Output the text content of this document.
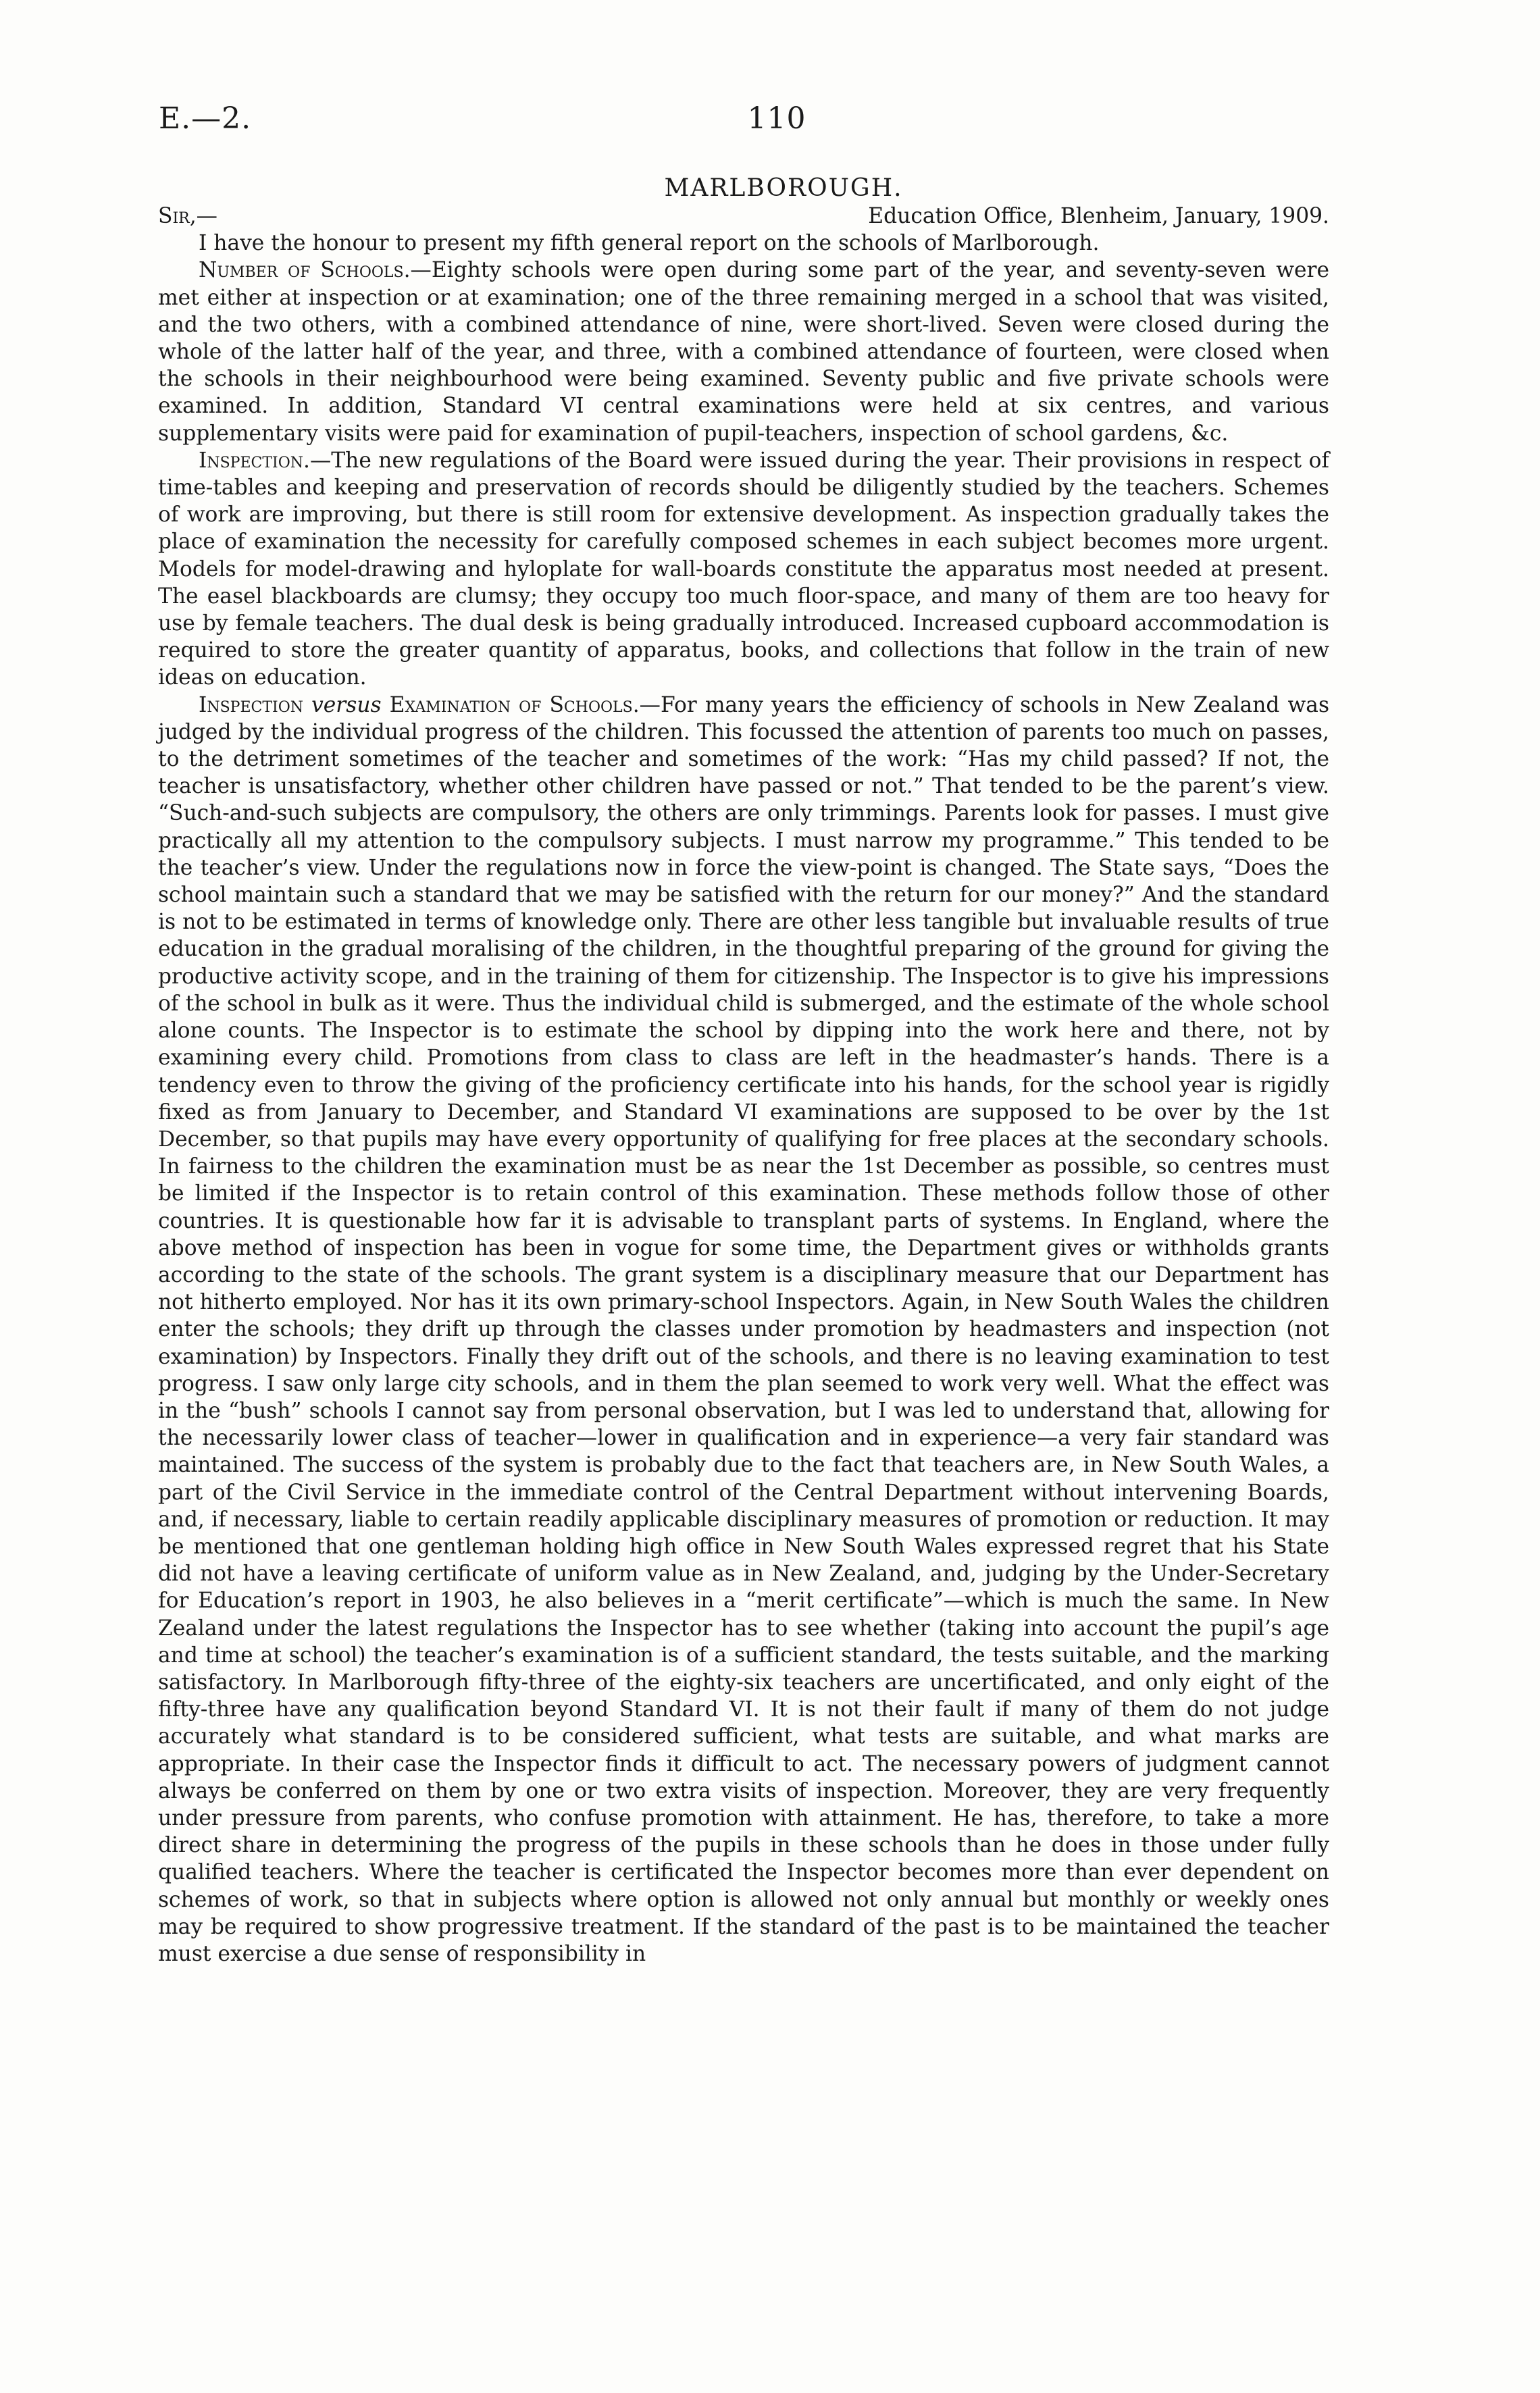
E.—2.	110
MARLBOROUGH.

Sir,—	Education Office, Blenheim, January, 1909.

I have the honour to present my fifth general report on the schools of Marlborough.

Number of Schools.—Eighty schools were open during some part of the year, and seventy-seven were met either at inspection or at examination; one of the three remaining merged in a school that was visited, and the two others, with a combined attendance of nine, were short-lived. Seven were closed during the whole of the latter half of the year, and three, with a combined attendance of fourteen, were closed when the schools in their neighbourhood were being examined. Seventy public and five private schools were examined. In addition, Standard VI central examinations were held at six centres, and various supplementary visits were paid for examination of pupil-teachers, inspection of school gardens, &c.

Inspection.—The new regulations of the Board were issued during the year. Their provisions in respect of time-tables and keeping and preservation of records should be diligently studied by the teachers. Schemes of work are improving, but there is still room for extensive development. As inspection gradually takes the place of examination the necessity for carefully composed schemes in each subject becomes more urgent. Models for model-drawing and hyloplate for wall-boards constitute the apparatus most needed at present. The easel blackboards are clumsy; they occupy too much floor-space, and many of them are too heavy for use by female teachers. The dual desk is being gradually introduced. Increased cupboard accommodation is required to store the greater quantity of apparatus, books, and collections that follow in the train of new ideas on education.

Inspection versus Examination of Schools.—For many years the efficiency of schools in New Zealand was judged by the individual progress of the children. This focussed the attention of parents too much on passes, to the detriment sometimes of the teacher and sometimes of the work: “Has my child passed? If not, the teacher is unsatisfactory, whether other children have passed or not.” That tended to be the parent’s view. “Such-and-such subjects are compulsory, the others are only trimmings. Parents look for passes. I must give practically all my attention to the compulsory subjects. I must narrow my programme.” This tended to be the teacher’s view. Under the regulations now in force the view-point is changed. The State says, “Does the school maintain such a standard that we may be satisfied with the return for our money?” And the standard is not to be estimated in terms of knowledge only. There are other less tangible but invaluable results of true education in the gradual moralising of the children, in the thoughtful preparing of the ground for giving the productive activity scope, and in the training of them for citizenship. The Inspector is to give his impressions of the school in bulk as it were. Thus the individual child is submerged, and the estimate of the whole school alone counts. The Inspector is to estimate the school by dipping into the work here and there, not by examining every child. Promotions from class to class are left in the headmaster’s hands. There is a tendency even to throw the giving of the proficiency certificate into his hands, for the school year is rigidly fixed as from January to December, and Standard VI examinations are supposed to be over by the 1st December, so that pupils may have every opportunity of qualifying for free places at the secondary schools. In fairness to the children the examination must be as near the 1st December as possible, so centres must be limited if the Inspector is to retain control of this examination. These methods follow those of other countries. It is questionable how far it is advisable to transplant parts of systems. In England, where the above method of inspection has been in vogue for some time, the Department gives or withholds grants according to the state of the schools. The grant system is a disciplinary measure that our Department has not hitherto employed. Nor has it its own primary-school Inspectors. Again, in New South Wales the children enter the schools; they drift up through the classes under promotion by headmasters and inspection (not examination) by Inspectors. Finally they drift out of the schools, and there is no leaving examination to test progress. I saw only large city schools, and in them the plan seemed to work very well. What the effect was in the “bush” schools I cannot say from personal observation, but I was led to understand that, allowing for the necessarily lower class of teacher—lower in qualification and in experience—a very fair standard was maintained. The success of the system is probably due to the fact that teachers are, in New South Wales, a part of the Civil Service in the immediate control of the Central Department without intervening Boards, and, if necessary, liable to certain readily applicable disciplinary measures of promotion or reduction. It may be mentioned that one gentleman holding high office in New South Wales expressed regret that his State did not have a leaving certificate of uniform value as in New Zealand, and, judging by the Under-Secretary for Education’s report in 1903, he also believes in a “merit certificate”—which is much the same. In New Zealand under the latest regulations the Inspector has to see whether (taking into account the pupil’s age and time at school) the teacher’s examination is of a sufficient standard, the tests suitable, and the marking satisfactory. In Marlborough fifty-three of the eighty-six teachers are uncertificated, and only eight of the fifty-three have any qualification beyond Standard VI. It is not their fault if many of them do not judge accurately what standard is to be considered sufficient, what tests are suitable, and what marks are appropriate. In their case the Inspector finds it difficult to act. The necessary powers of judgment cannot always be conferred on them by one or two extra visits of inspection. Moreover, they are very frequently under pressure from parents, who confuse promotion with attainment. He has, therefore, to take a more direct share in determining the progress of the pupils in these schools than he does in those under fully qualified teachers. Where the teacher is certificated the Inspector becomes more than ever dependent on schemes of work, so that in subjects where option is allowed not only annual but monthly or weekly ones may be required to show progressive treatment. If the standard of the past is to be maintained the teacher must exercise a due sense of responsibility in
